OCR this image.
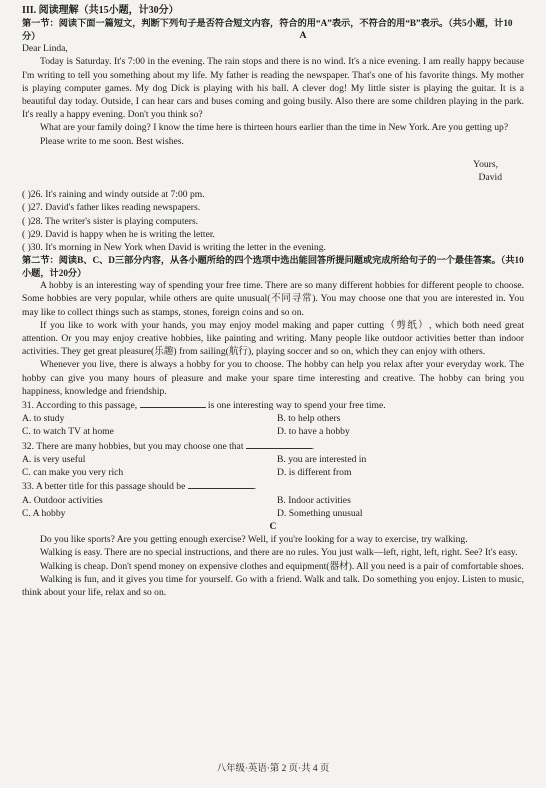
III. 阅读理解（共15小题，计30分）

第一节：阅读下面一篇短文，判断下列句子是否符合短文内容，符合的用“A”表示，不符合的用“B”表示。（共5小题，计10分）	A

Dear Linda,

Today is Saturday. It's 7:00 in the evening. The rain stops and there is no wind. It's a nice evening. I am really happy because I'm writing to tell you something about my life. My father is reading the newspaper. That's one of his favorite things. My mother is playing computer games. My dog Dick is playing with his ball. A clever dog! My little sister is playing the guitar. It is a beautiful day today. Outside, I can hear cars and buses coming and going busily. Also there are some children playing in the park. It's really a happy evening. Don't you think so?

What are your family doing? I know the time here is thirteen hours earlier than the time in New York. Are you getting up?

Please write to me soon. Best wishes.

Yours,

David

( )26. It's raining and windy outside at 7:00 pm.

( )27. David's father likes reading newspapers.

( )28. The writer's sister is playing computers.

( )29. David is happy when he is writing the letter.

( )30. It's morning in New York when David is writing the letter in the evening.

第二节：阅读B、C、D三部分内容，从各小题所给的四个选项中选出能回答所提问题或完成所给句子的一个最佳答案。（共10小题，计20分）

A hobby is an interesting way of spending your free time. There are so many different hobbies for different people to choose. Some hobbies are very popular, while others are quite unusual(不同寻常). You may choose one that you are interested in. You may like to collect things such as stamps, stones, foreign coins and so on.

If you like to work with your hands, you may enjoy model making and paper cutting（剪纸）, which both need great attention. Or you may enjoy creative hobbies, like painting and writing. Many people like outdoor activities better than indoor activities. They get great pleasure(乐趣) from sailing(航行), playing soccer and so on, which they can enjoy with others.

Whenever you live, there is always a hobby for you to choose. The hobby can help you relax after your everyday work. The hobby can give you many hours of pleasure and make your spare time interesting and creative. The hobby can bring you happiness, knowledge and friendship.

31. According to this passage,	is one interesting way to spend your free time.

A. to study	B. to help others
C. to watch TV at home	D. to have a hobby

32. There are many hobbies, but you may choose one that	.

A. is very useful	B. you are interested in
C. can make you very rich	D. is different from

33. A better title for this passage should be	.

A. Outdoor activities	B. Indoor activities
C. A hobby	D. Something unusual

C

Do you like sports? Are you getting enough exercise? Well, if you're looking for a way to exercise, try walking.

Walking is easy. There are no special instructions, and there are no rules. You just walk—left, right, left, right. See? It's easy.

Walking is cheap. Don't spend money on expensive clothes and equipment(器材). All you need is a pair of comfortable shoes.

Walking is fun, and it gives you time for yourself. Go with a friend. Walk and talk. Do something you enjoy. Listen to music, think about your life, relax and so on.

八年级·英语·第 2 页·共 4 页
